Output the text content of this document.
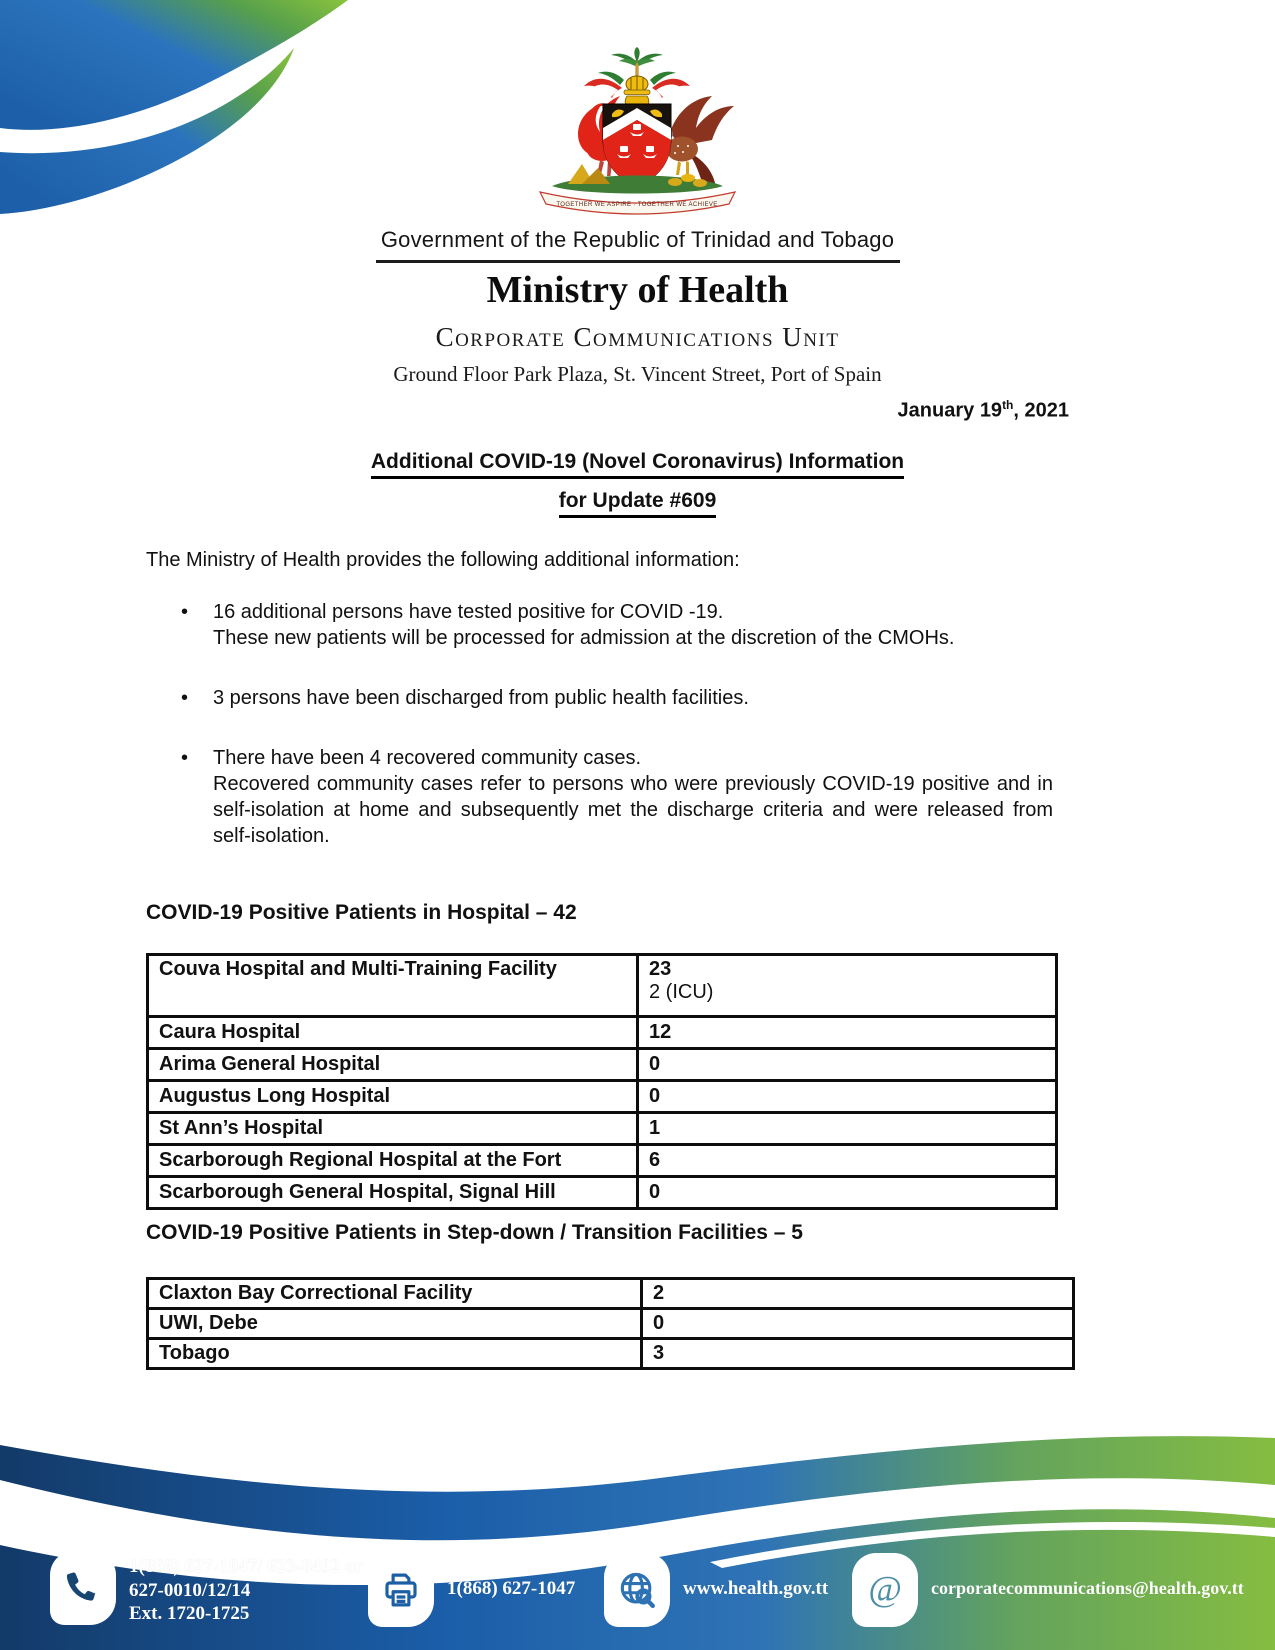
TOGETHER WE ASPIRE · TOGETHER WE ACHIEVE
Government of the Republic of Trinidad and Tobago
Ministry of Health
Corporate Communications Unit
Ground Floor Park Plaza, St. Vincent Street, Port of Spain
January 19th, 2021
Additional COVID-19 (Novel Coronavirus) Information
for Update #609
The Ministry of Health provides the following additional information:
•	16 additional persons have tested positive for COVID -19.
These new patients will be processed for admission at the discretion of the CMOHs.
•	3 persons have been discharged from public health facilities.
•	There have been 4 recovered community cases.
Recovered community cases refer to persons who were previously COVID-19 positive and in self-isolation at home and subsequently met the discharge criteria and were released from self-isolation.
COVID-19 Positive Patients in Hospital – 42
Couva Hospital and Multi-Training Facility	23
2 (ICU)

Caura Hospital	12
Arima General Hospital	0
Augustus Long Hospital	0
St Ann’s Hospital	1
Scarborough Regional Hospital at the Fort	6
Scarborough General Hospital, Signal Hill	0
COVID-19 Positive Patients in Step-down / Transition Facilities – 5
Claxton Bay Correctional Facility	2
UWI, Debe	0
Tobago	3
1(868) 627-1047/ 623-8492 or
627-0010/12/14
Ext. 1720-1725
1(868) 627-1047	www.health.gov.tt @ corporatecommunications@health.gov.tt
